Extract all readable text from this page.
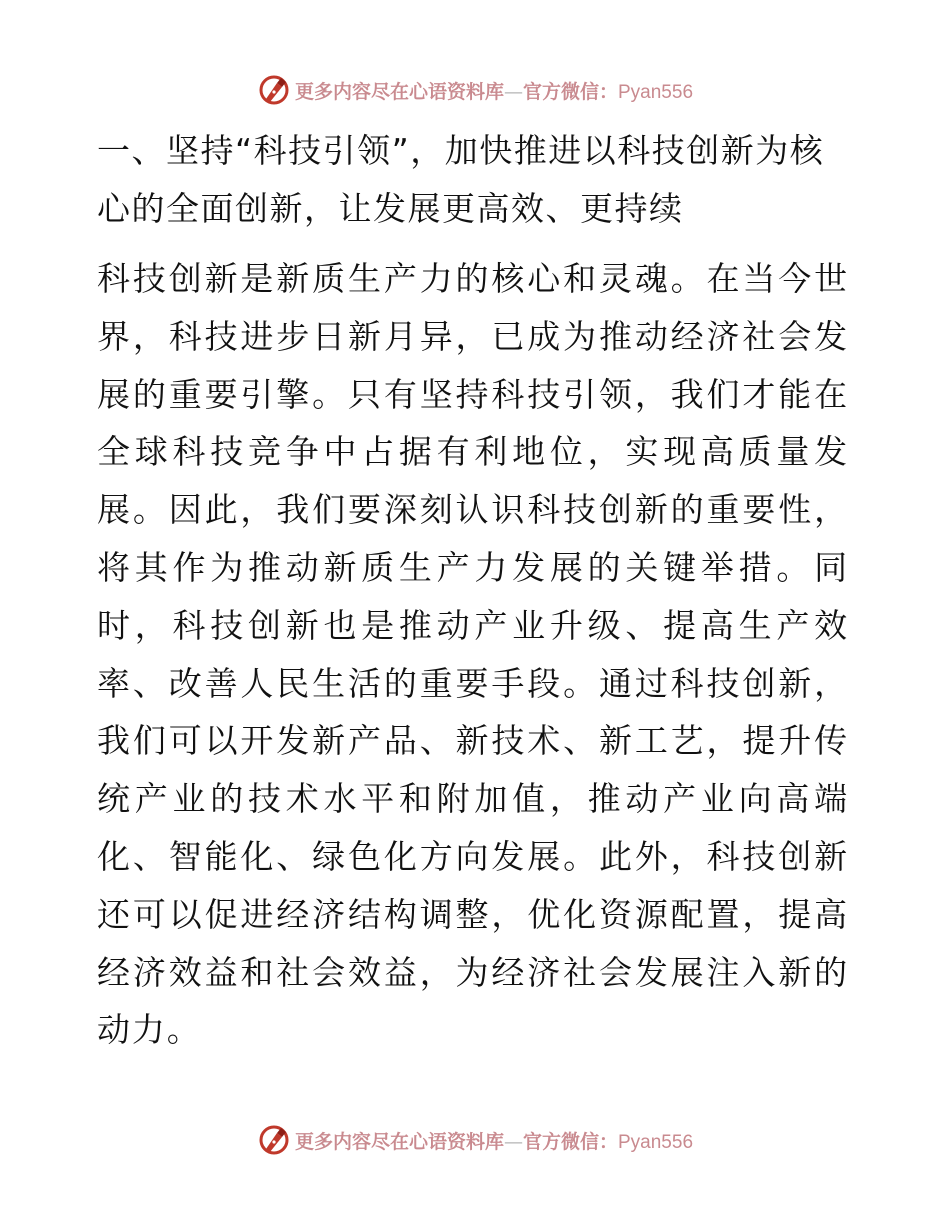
更多内容尽在心语资料库—官方微信：Pyan556
一、坚持“科技引领”，加快推进以科技创新为核心的全面创新，让发展更高效、更持续

科技创新是新质生产力的核心和灵魂。在当今世界，科技进步日新月异，已成为推动经济社会发展的重要引擎。只有坚持科技引领，我们才能在全球科技竞争中占据有利地位，实现高质量发展。因此，我们要深刻认识科技创新的重要性，将其作为推动新质生产力发展的关键举措。同时，科技创新也是推动产业升级、提高生产效率、改善人民生活的重要手段。通过科技创新，我们可以开发新产品、新技术、新工艺，提升传统产业的技术水平和附加值，推动产业向高端化、智能化、绿色化方向发展。此外，科技创新还可以促进经济结构调整，优化资源配置，提高经济效益和社会效益，为经济社会发展注入新的动力。

更多内容尽在心语资料库—官方微信：Pyan556
